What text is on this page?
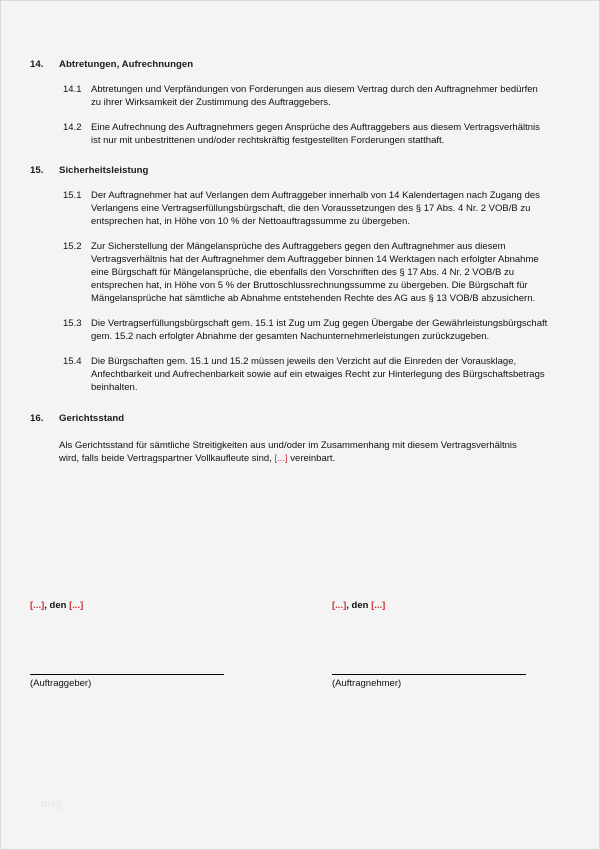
14.	Abtretungen, Aufrechnungen
14.1	Abtretungen und Verpfändungen von Forderungen aus diesem Vertrag durch den Auftragnehmer bedürfen zu ihrer Wirksamkeit der Zustimmung des Auftraggebers.
14.2	Eine Aufrechnung des Auftragnehmers gegen Ansprüche des Auftraggebers aus diesem Vertragsverhältnis ist nur mit unbestrittenen und/oder rechtskräftig festgestellten Forderungen statthaft.
15.	Sicherheitsleistung
15.1	Der Auftragnehmer hat auf Verlangen dem Auftraggeber innerhalb von 14 Kalendertagen nach Zugang des Verlangens eine Vertragserfüllungsbürgschaft, die den Voraussetzungen des § 17 Abs. 4 Nr. 2 VOB/B zu entsprechen hat, in Höhe von 10 % der Nettoauftragssumme zu übergeben.
15.2	Zur Sicherstellung der Mängelansprüche des Auftraggebers gegen den Auftragnehmer aus diesem Vertragsverhältnis hat der Auftragnehmer dem Auftraggeber binnen 14 Werktagen nach erfolgter Abnahme eine Bürgschaft für Mängelansprüche, die ebenfalls den Vorschriften des § 17 Abs. 4 Nr. 2 VOB/B zu entsprechen hat, in Höhe von 5 % der Bruttoschlussrechnungssumme zu übergeben. Die Bürgschaft für Mängelansprüche hat sämtliche ab Abnahme entstehenden Rechte des AG aus § 13 VOB/B abzusichern.
15.3	Die Vertragserfüllungsbürgschaft gem. 15.1 ist Zug um Zug gegen Übergabe der Gewährleistungsbürgschaft gem. 15.2 nach erfolgter Abnahme der gesamten Nachunternehmerleistungen zurückzugeben.
15.4	Die Bürgschaften gem. 15.1 und 15.2 müssen jeweils den Verzicht auf die Einreden der Vorausklage, Anfechtbarkeit und Aufrechenbarkeit sowie auf ein etwaiges Recht zur Hinterlegung des Bürgschaftsbetrags beinhalten.
16.	Gerichtsstand
Als Gerichtsstand für sämtliche Streitigkeiten aus und/oder im Zusammenhang mit diesem Vertragsverhältnis wird, falls beide Vertragspartner Vollkaufleute sind, [...] vereinbart.
[...], den [...]	[...], den [...]
(Auftraggeber)	(Auftragnehmer)
blog
